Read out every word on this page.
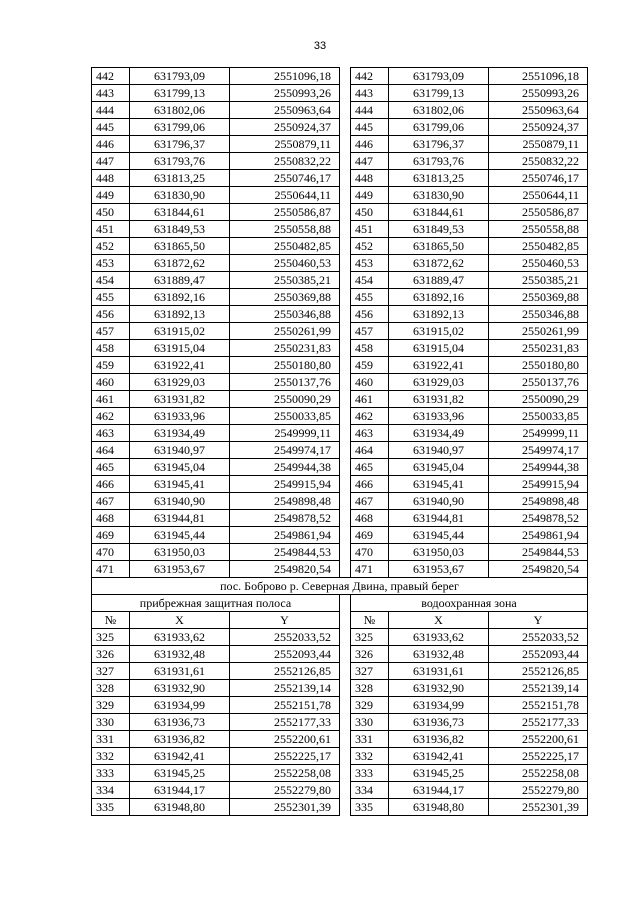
33
442	631793,09	2551096,18		442	631793,09	2551096,18
443	631799,13	2550993,26		443	631799,13	2550993,26
444	631802,06	2550963,64		444	631802,06	2550963,64
445	631799,06	2550924,37		445	631799,06	2550924,37
446	631796,37	2550879,11		446	631796,37	2550879,11
447	631793,76	2550832,22		447	631793,76	2550832,22
448	631813,25	2550746,17		448	631813,25	2550746,17
449	631830,90	2550644,11		449	631830,90	2550644,11
450	631844,61	2550586,87		450	631844,61	2550586,87
451	631849,53	2550558,88		451	631849,53	2550558,88
452	631865,50	2550482,85		452	631865,50	2550482,85
453	631872,62	2550460,53		453	631872,62	2550460,53
454	631889,47	2550385,21		454	631889,47	2550385,21
455	631892,16	2550369,88		455	631892,16	2550369,88
456	631892,13	2550346,88		456	631892,13	2550346,88
457	631915,02	2550261,99		457	631915,02	2550261,99
458	631915,04	2550231,83		458	631915,04	2550231,83
459	631922,41	2550180,80		459	631922,41	2550180,80
460	631929,03	2550137,76		460	631929,03	2550137,76
461	631931,82	2550090,29		461	631931,82	2550090,29
462	631933,96	2550033,85		462	631933,96	2550033,85
463	631934,49	2549999,11		463	631934,49	2549999,11
464	631940,97	2549974,17		464	631940,97	2549974,17
465	631945,04	2549944,38		465	631945,04	2549944,38
466	631945,41	2549915,94		466	631945,41	2549915,94
467	631940,90	2549898,48		467	631940,90	2549898,48
468	631944,81	2549878,52		468	631944,81	2549878,52
469	631945,44	2549861,94		469	631945,44	2549861,94
470	631950,03	2549844,53		470	631950,03	2549844,53
471	631953,67	2549820,54		471	631953,67	2549820,54
пос. Боброво р. Северная Двина, правый берег						
прибрежная защитная полоса				водоохранная зона		
№	X	Y		№	X	Y
325	631933,62	2552033,52		325	631933,62	2552033,52
326	631932,48	2552093,44		326	631932,48	2552093,44
327	631931,61	2552126,85		327	631931,61	2552126,85
328	631932,90	2552139,14		328	631932,90	2552139,14
329	631934,99	2552151,78		329	631934,99	2552151,78
330	631936,73	2552177,33		330	631936,73	2552177,33
331	631936,82	2552200,61		331	631936,82	2552200,61
332	631942,41	2552225,17		332	631942,41	2552225,17
333	631945,25	2552258,08		333	631945,25	2552258,08
334	631944,17	2552279,80		334	631944,17	2552279,80
335	631948,80	2552301,39		335	631948,80	2552301,39
